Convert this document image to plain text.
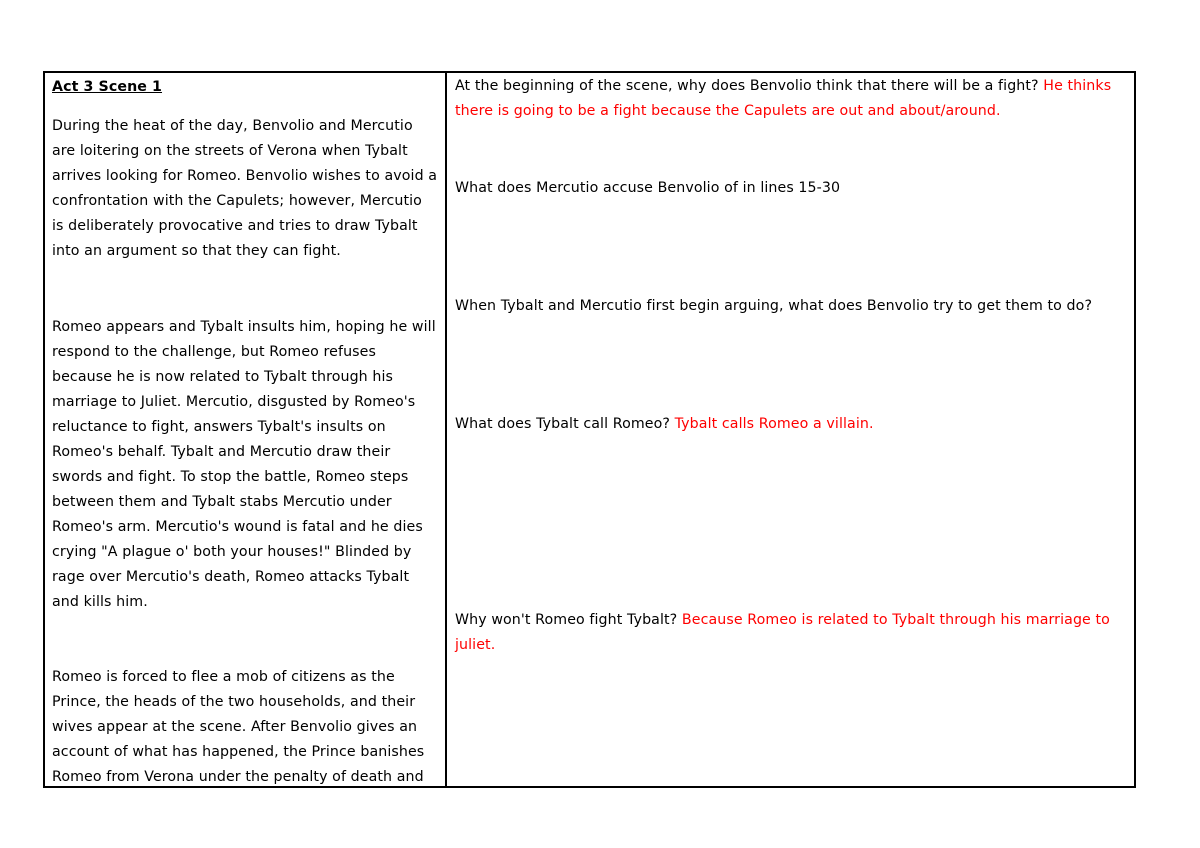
Act 3 Scene 1

During the heat of the day, Benvolio and Mercutio are loitering on the streets of Verona when Tybalt arrives looking for Romeo. Benvolio wishes to avoid a confrontation with the Capulets; however, Mercutio is deliberately provocative and tries to draw Tybalt into an argument so that they can fight.

Romeo appears and Tybalt insults him, hoping he will respond to the challenge, but Romeo refuses because he is now related to Tybalt through his marriage to Juliet. Mercutio, disgusted by Romeo's reluctance to fight, answers Tybalt's insults on Romeo's behalf. Tybalt and Mercutio draw their swords and fight. To stop the battle, Romeo steps between them and Tybalt stabs Mercutio under Romeo's arm. Mercutio's wound is fatal and he dies crying "A plague o' both your houses!" Blinded by rage over Mercutio's death, Romeo attacks Tybalt and kills him.

Romeo is forced to flee a mob of citizens as the Prince, the heads of the two households, and their wives appear at the scene. After Benvolio gives an account of what has happened, the Prince banishes Romeo from Verona under the penalty of death and

At the beginning of the scene, why does Benvolio think that there will be a fight? He thinks there is going to be a fight because the Capulets are out and about/around.

What does Mercutio accuse Benvolio of in lines 15-30

When Tybalt and Mercutio first begin arguing, what does Benvolio try to get them to do?

What does Tybalt call Romeo? Tybalt calls Romeo a villain.

Why won't Romeo fight Tybalt? Because Romeo is related to Tybalt through his marriage to juliet.
